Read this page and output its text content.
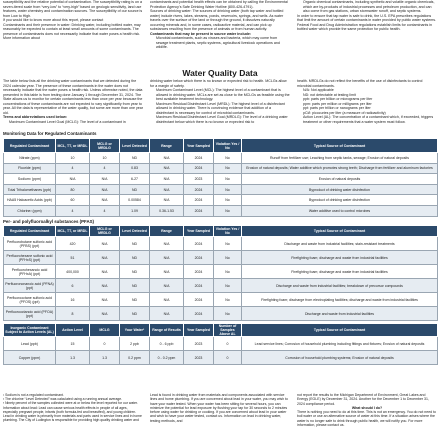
susceptibility and the relative potential of contamination. The susceptibility rating is on a seven-tiered scale from “very-low” to “very-high” based on geologic sensitivity, land use features, water chemistry and contamination sources. The susceptibility of our source is from Low to High.

If you would like to know more about this report, please contact

Contaminants and their presence in water: Drinking water, including bottled water, may reasonably be expected to contain at least small amounts of some contaminants. The presence of contaminants does not necessarily indicate that water poses a health risk. More information about

contaminants and potential health effects can be obtained by calling the Environmental Protection Agency’s Safe Drinking Water Hotline (800-426-4791).

Sources of drinking water: The sources of drinking water (both tap water and bottled water) include rivers, lakes, streams, ponds, reservoirs, springs, and wells. As water travels over the surface of the land or through the ground, it dissolves naturally occurring minerals and, in some cases, radioactive material, and can pick up substances resulting from the presence of animals or from human activity.

Contaminants that may be present in source water include:

• Microbial contaminants, such as viruses and bacteria, which may come from sewage treatment plants, septic systems, agricultural livestock operations and wildlife.
• Organic chemical contaminants, including synthetic and volatile organic chemicals, which are by-products of industrial processes and petroleum production, and can also come from gas stations, urban stormwater runoff, and septic systems.

In order to ensure that tap water is safe to drink, the U.S. EPA prescribes regulations that limit the amount of certain contaminants in water provided by public water systems. Federal Food and Drug Administration regulations establish limits for contaminants in bottled water which provide the same protection for public health.

Water Quality Data

The table below lists all the drinking water contaminants that we detected during the 2024 calendar year. The presence of these contaminants in the water does not necessarily indicate that the water poses a health risk. Unless otherwise noted, the data presented in this table is from testing done January 1 through December 31, 2024. The State allows us to monitor for certain contaminants less than once per year because the concentrations of these contaminants are not expected to vary significantly from year to year. All the data is representative of the water quality, but some are more than one year old.

Terms and abbreviations used below:

• Maximum Contaminant Level Goal (MCLG): The level of a contaminant in

drinking water below which there is no known or expected risk to health. MCLGs allow for a margin of safety.

• Maximum Contaminant Level (MCL): The highest level of a contaminant that is allowed in drinking water. MCLs are set as close to the MCLGs as feasible using the best available treatment technology.
• Maximum Residual Disinfectant Level (MRDL): The highest level of a disinfectant allowed in drinking water. There is convincing evidence that addition of a disinfectant is necessary for control of microbial contaminants.
• Maximum Residual Disinfectant Level Goal (MRDLG): The level of a drinking water disinfectant below which there is no known or expected risk to

health. MRDLGs do not reflect the benefits of the use of disinfectants to control microbial contaminants.

• N/A: Not applicable
• ND: not detectable at testing limit
• ppb: parts per billion or micrograms per liter
• ppm: parts per million or milligrams per liter
• ppt: parts per trillion or nanograms per liter
• pCi/l: picocuries per liter (a measure of radioactivity)
• Action Level (AL): The concentration of a contaminant which, if exceeded, triggers treatment or other requirements that a water system must follow.
Monitoring Data for Regulated Contaminants
Regulated Contaminant	MCL, TT, or MRDL	MCLG or MRDLG	Level Detected	Range	Year Sampled	Violation Yes / No	Typical Source of Contaminant
Nitrate (ppm)	10	10	ND	N/A	2024	No	Runoff from fertilizer use; Leaching from septic tanks, sewage; Erosion of natural deposits
Fluoride (ppm)	4	4	0.83	N/A	2024	No	Erosion of natural deposits; Water additive which promotes strong teeth; Discharge from fertilizer and aluminum factories
Sodium¹ (ppm)	N/A	N/A	6-27	N/A	2023	No	Erosion of natural deposits
Total Trihalomethanes (ppb)	80	N/A	ND	N/A	2024	No	Byproduct of drinking water disinfection
HAA5 Haloacetic Acids (ppb)	60	N/A	0.00584	N/A	2024	No	Byproduct of drinking water disinfection
Chlorine² (ppm)	4	4	1.09	0.36-1.53	2024	No	Water additive used to control microbes
Per- and polyfluoroalkyl substances (PFAS)
Regulated Contaminant	MCL, TT, or MRDL	MCLG or MRDLG	Level Detected	Range	Year Sampled	Violation Yes / No	Typical Source of Contaminant
Perfluorobutane sulfonic acid (PFBS) (ppt)	420	N/A	ND	N/A	2024	No	Discharge and waste from industrial facilities; stain-resistant treatments
Perfluorohexane sulfonic acid (PFHxS) (ppt)	51	N/A	ND	N/A	2024	No	Firefighting foam; discharge and waste from industrial facilities
Perfluorohexanoic acid (PFHxA) (ppt)	400,000	N/A	ND	N/A	2024	No	Firefighting foam; discharge and waste from industrial facilities
Perfluorononanoic acid (PFNA) (ppt)	6	N/A	ND	N/A	2024	No	Discharge and waste from industrial facilities; breakdown of precursor compounds
Perfluorooctane sulfonic acid (PFOS) (ppt)	16	N/A	ND	N/A	2024	No	Firefighting foam; discharge from electroplating facilities; discharge and waste from industrial facilities
Perfluorooctanoic acid (PFOA) (ppt)	8	N/A	ND	N/A	2024	No	Discharge and waste from industrial facilities
Inorganic Contaminant Subject to Action Levels (AL)	Action Level	MCLG	Your Water³	Range of Results	Year Sampled	Number of Samples Above AL	Typical Source of Contaminant
Lead (ppb)	15	0	2 ppb	0 - 6 ppb	2023	0	Lead service lines; Corrosion of household plumbing including fittings and fixtures; Erosion of natural deposits
Copper (ppm)	1.3	1.3	0.2 ppm	0 - 0.2 ppm	2023	0	Corrosion of household plumbing systems; Erosion of natural deposits

¹ Sodium is not a regulated contaminant.

² The chlorine “Level Detected” was calculated using a running annual average.

³ Ninety percent of the samples collected were at or below the level reported for our water.

Information about lead: Lead can cause serious health effects in people of all ages, especially pregnant people, infants (both formula-fed and breastfed), and young children. Lead in drinking water is primarily from materials and parts used in service lines and in home plumbing. The City of Ludington is responsible for providing high quality drinking water and

Lead is found in drinking water from materials and components associated with service lines and home plumbing. If you are concerned about lead in your water, you may wish to have your water tested. When your water has been sitting for several hours, you can minimize the potential for lead exposure by flushing your tap for 30 seconds to 2 minutes before using water for drinking or cooking. If you are concerned about lead in your water and wish to have your water tested, contact us. Information on lead in drinking water, testing methods, and

not report the results to the Michigan Department of Environment, Great Lakes and Energy (EGLE) by December 31, 2024. Another for the December 1 to December 31, 2024 compliance period.

What should I do?

There is nothing you need to do at this time. This is not an emergency. You do not need to boil water or use an alternative source of water at this time. If a situation arises where the water is no longer safe to drink through public health, we will notify you. For more information, please contact us.
